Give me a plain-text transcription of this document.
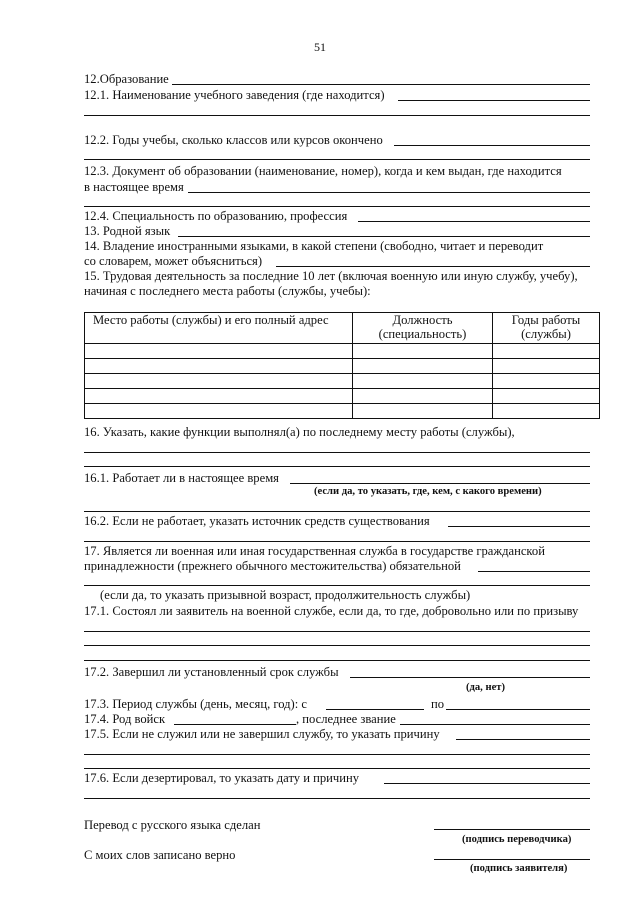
51
12.Образование
12.1. Наименование учебного заведения (где находится)
12.2. Годы учебы, сколько классов или курсов окончено
12.3. Документ об образовании (наименование, номер), когда и кем выдан, где находится
в настоящее время
12.4. Специальность по образованию, профессия
13. Родной язык
14. Владение иностранными языками, в какой степени (свободно, читает и переводит
со словарем, может объясниться)
15. Трудовая деятельность за последние 10 лет (включая военную или иную службу, учебу),
начиная с последнего места работы (службы, учебы):
Место работы (службы) и его полный адрес	Должность (специальность)	Годы работы (службы)

16. Указать, какие функции выполнял(а) по последнему месту работы (службы),
16.1. Работает ли в настоящее время
(если да, то указать, где, кем, с какого времени)
16.2. Если не работает, указать источник средств существования
17. Является ли военная или иная государственная служба в государстве гражданской
принадлежности (прежнего обычного местожительства) обязательной
(если да, то указать призывной возраст, продолжительность службы)
17.1. Состоял ли заявитель на военной службе, если да, то где, добровольно или по призыву
17.2. Завершил ли установленный срок службы
(да, нет)
17.3. Период службы (день, месяц, год): с	по
17.4. Род войск	, последнее звание
17.5. Если не служил или не завершил службу, то указать причину
17.6. Если дезертировал, то указать дату и причину
Перевод с русского языка сделан
(подпись переводчика)
С моих слов записано верно
(подпись заявителя)
